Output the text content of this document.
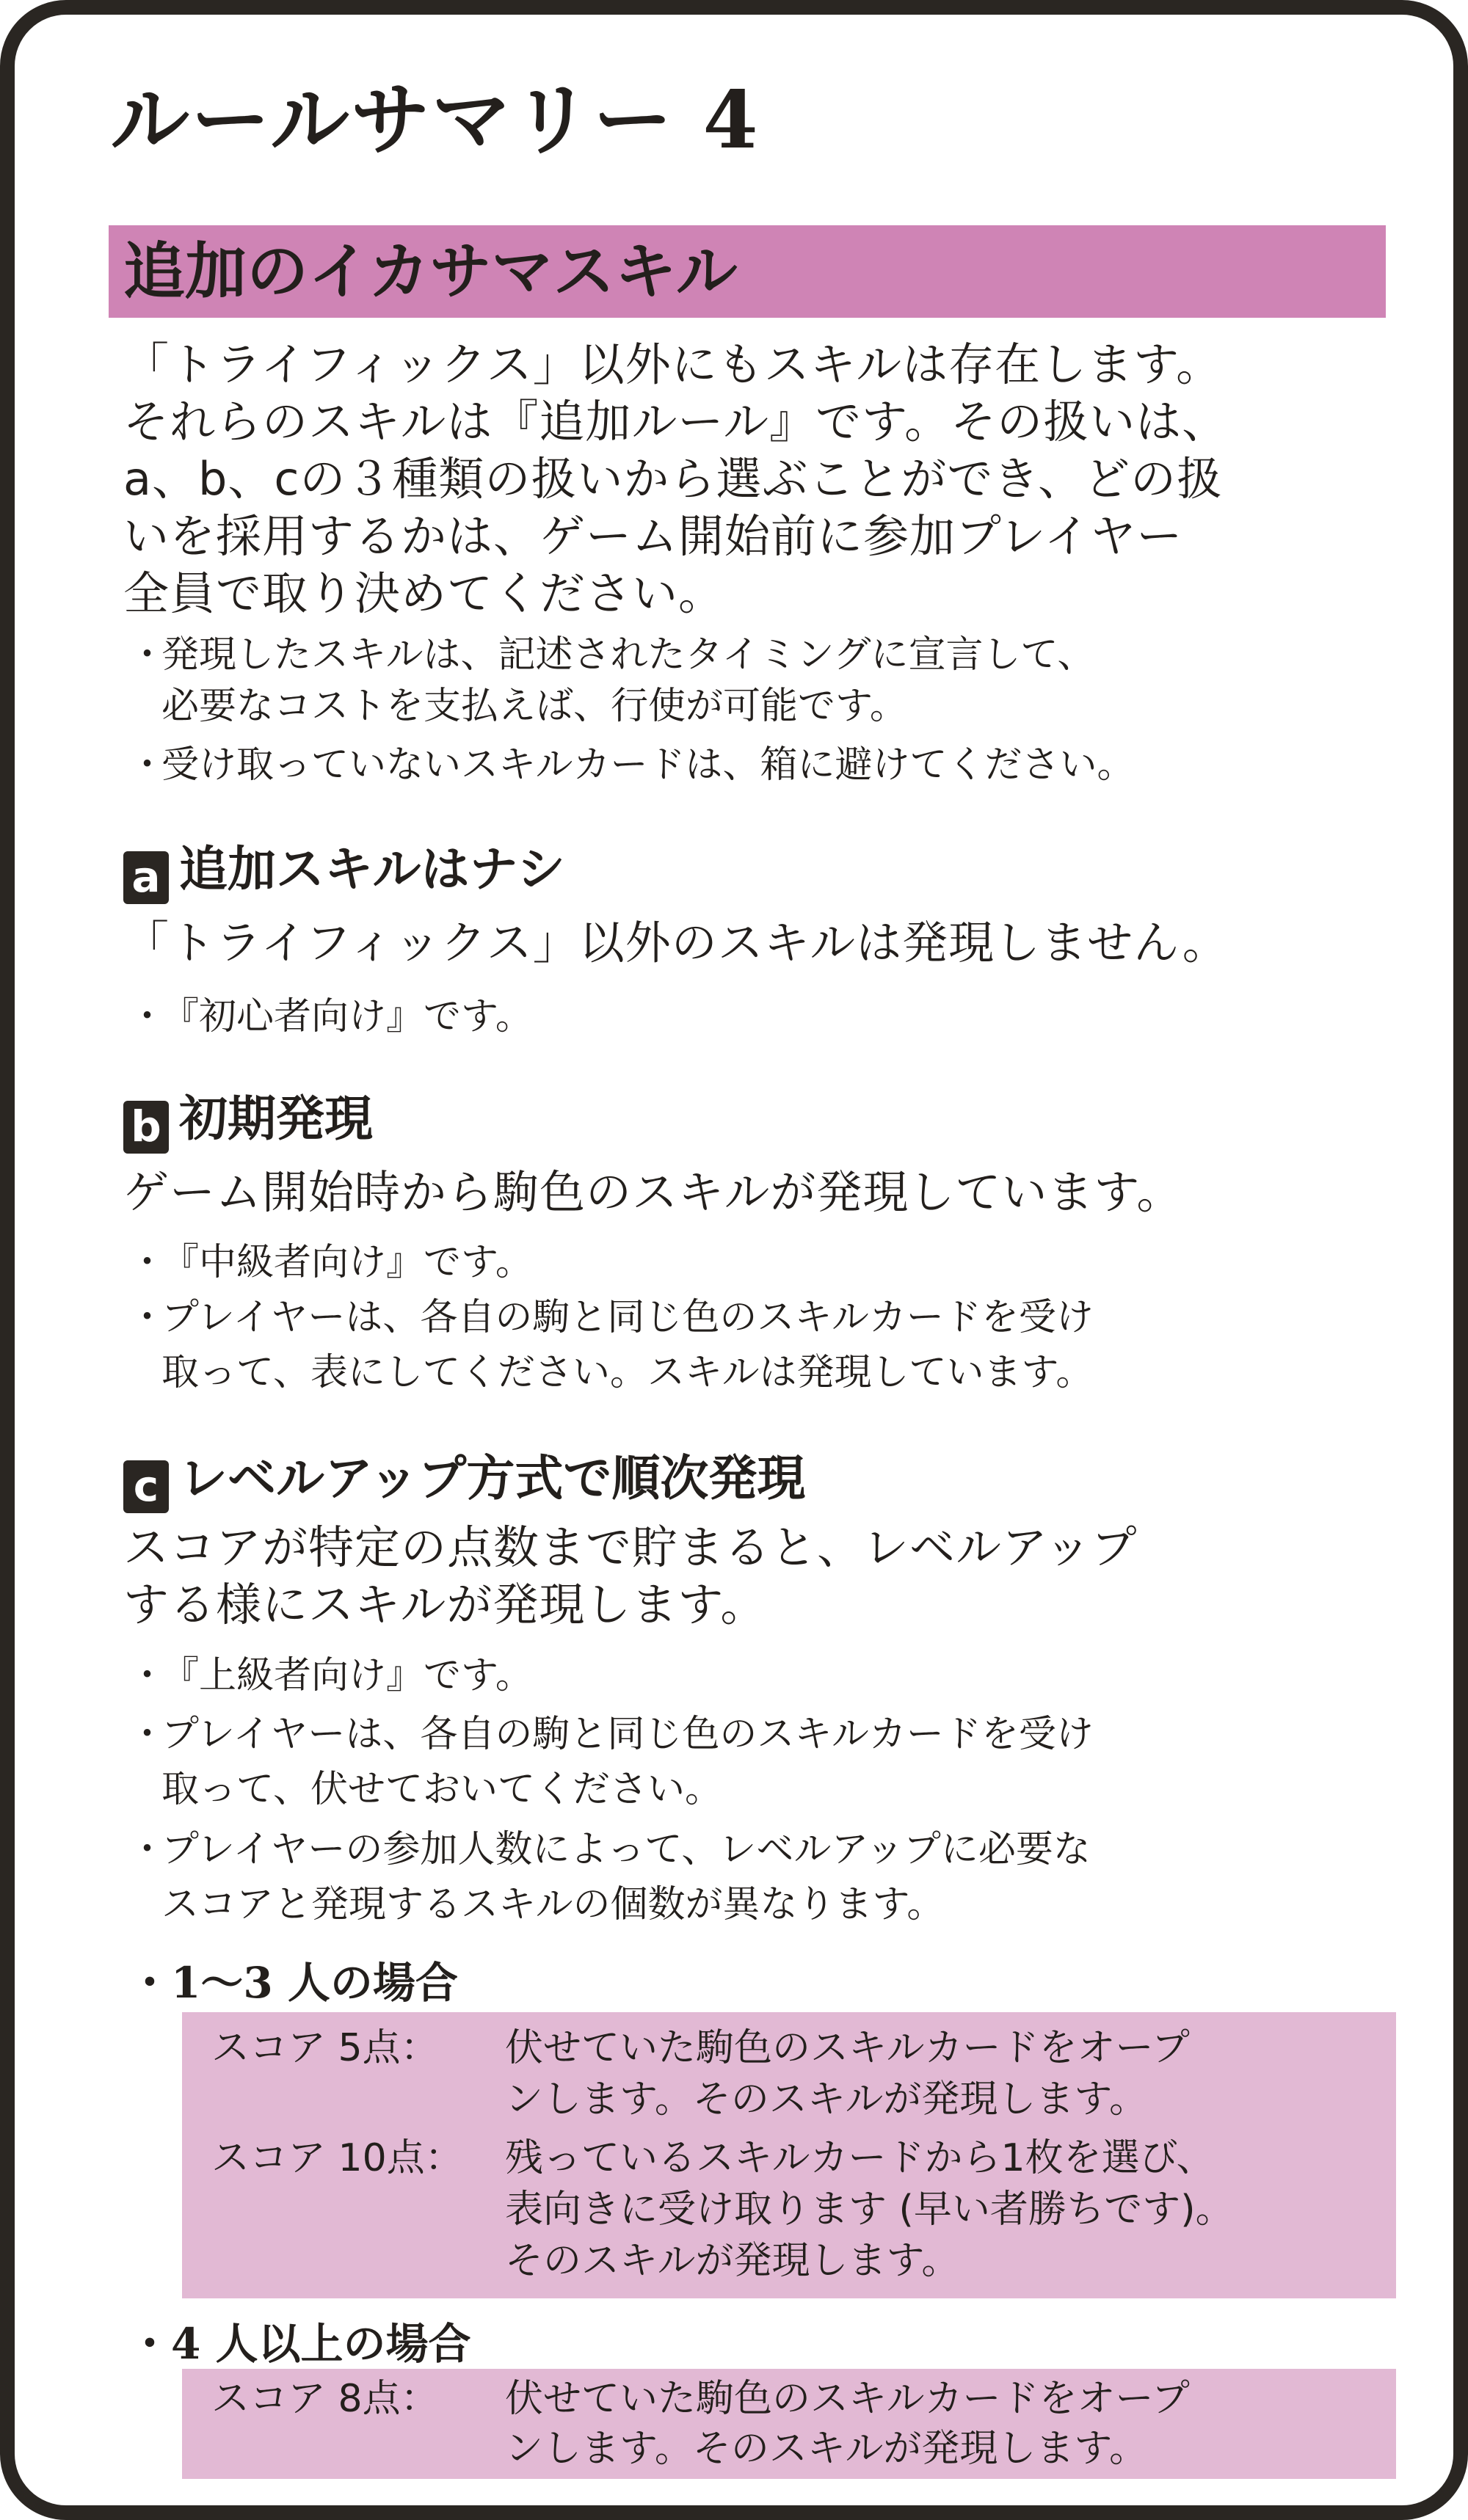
ルールサマリー 4
追加のイカサマスキル

「トライフィックス」以外にもスキルは存在します。

それらのスキルは『追加ルール』です。その扱いは、

a、b、cの３種類の扱いから選ぶことができ、どの扱

いを採用するかは、ゲーム開始前に参加プレイヤー

全員で取り決めてください。

・

発現したスキルは、記述されたタイミングに宣言して、

必要なコストを支払えば、行使が可能です。

・

受け取っていないスキルカードは、箱に避けてください。

a 追加スキルはナシ

「トライフィックス」以外のスキルは発現しません。

・

『初心者向け』です。

b 初期発現

ゲーム開始時から駒色のスキルが発現しています。

・

『中級者向け』です。

・

プレイヤーは、各自の駒と同じ色のスキルカードを受け

取って、表にしてください。スキルは発現しています。

c レベルアップ方式で順次発現

スコアが特定の点数まで貯まると、レベルアップ

する様にスキルが発現します。

・

『上級者向け』です。

・

プレイヤーは、各自の駒と同じ色のスキルカードを受け

取って、伏せておいてください。

・

プレイヤーの参加人数によって、レベルアップに必要な

スコアと発現するスキルの個数が異なります。

・1〜3 人の場合

スコア 5点： 伏せていた駒色のスキルカードをオープ

ンします。そのスキルが発現します。

スコア 10点： 残っているスキルカードから1枚を選び、

表向きに受け取ります (早い者勝ちです)。

そのスキルが発現します。

・4 人以上の場合

スコア 8点： 伏せていた駒色のスキルカードをオープ

ンします。そのスキルが発現します。
